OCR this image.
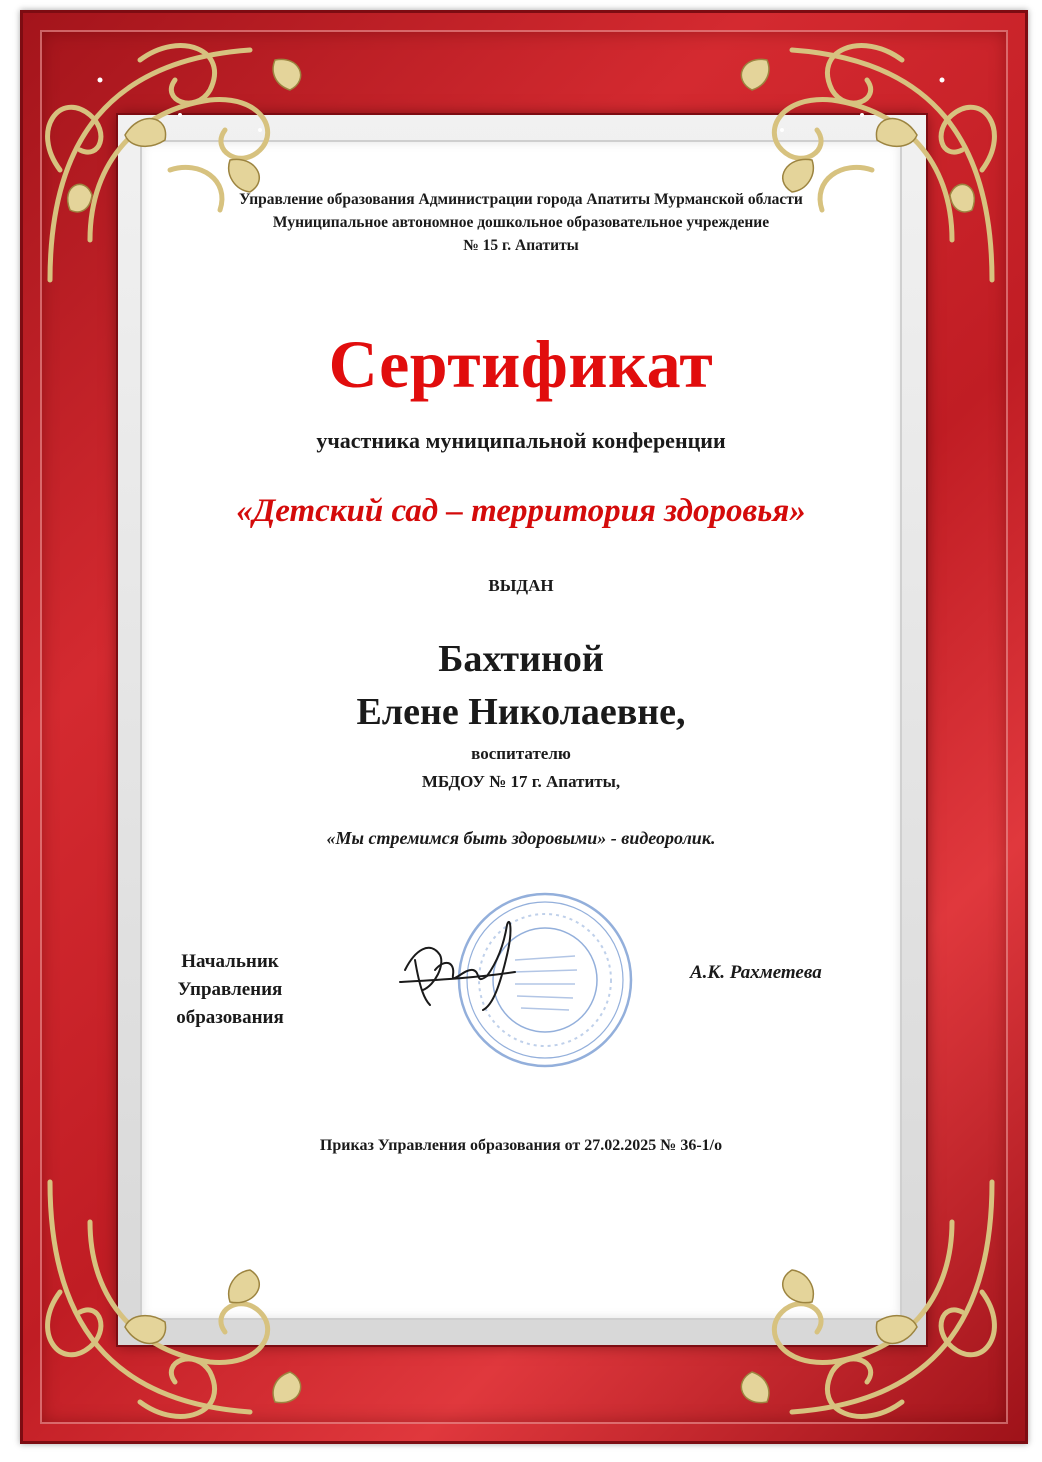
Управление образования Администрации города Апатиты Мурманской области
Муниципальное автономное дошкольное образовательное учреждение
№ 15 г. Апатиты
Сертификат
участника муниципальной конференции
«Детский сад – территория здоровья»
ВЫДАН
Бахтиной
Елене Николаевне,
воспитателю
МБДОУ № 17 г. Апатиты,
«Мы стремимся быть здоровыми» - видеоролик.
Начальник
Управления
образования
А.К. Рахметева
Приказ Управления образования от 27.02.2025 № 36-1/о
